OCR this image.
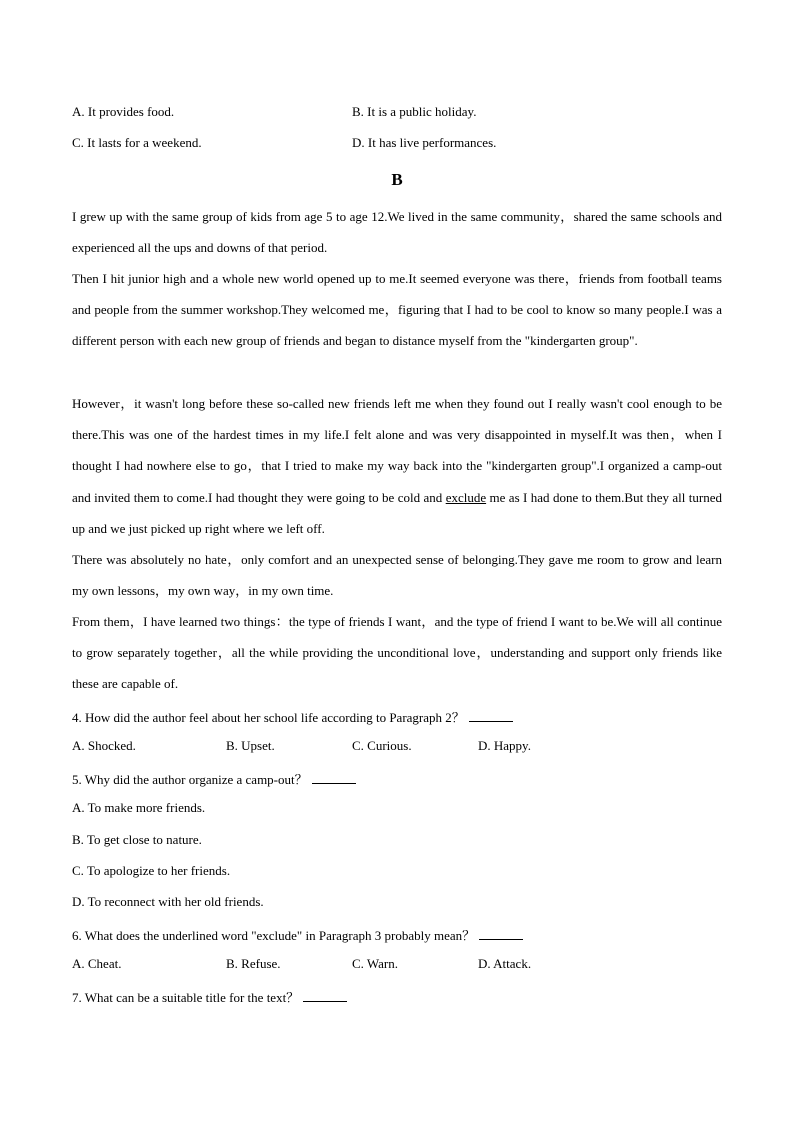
A. It provides food.	B. It is a public holiday.
C. It lasts for a weekend.	D. It has live performances.
B
I grew up with the same group of kids from age 5 to age 12.We lived in the same community，shared the same schools and experienced all the ups and downs of that period.
Then I hit junior high and a whole new world opened up to me.It seemed everyone was there，friends from football teams and people from the summer workshop.They welcomed me，figuring that I had to be cool to know so many people.I was a different person with each new group of friends and began to distance myself from the "kindergarten group".
However，it wasn't long before these so-called new friends left me when they found out I really wasn't cool enough to be there.This was one of the hardest times in my life.I felt alone and was very disappointed in myself.It was then，when I thought I had nowhere else to go，that I tried to make my way back into the "kindergarten group".I organized a camp-out and invited them to come.I had thought they were going to be cold and exclude me as I had done to them.But they all turned up and we just picked up right where we left off.
There was absolutely no hate，only comfort and an unexpected sense of belonging.They gave me room to grow and learn my own lessons，my own way，in my own time.
From them，I have learned two things：the type of friends I want，and the type of friend I want to be.We will all continue to grow separately together，all the while providing the unconditional love，understanding and support only friends like these are capable of.
4. How did the author feel about her school life according to Paragraph 2？
A. Shocked.	B. Upset.	C. Curious.	D. Happy.
5. Why did the author organize a camp-out？
A. To make more friends.
B. To get close to nature.
C. To apologize to her friends.
D. To reconnect with her old friends.
6. What does the underlined word "exclude" in Paragraph 3 probably mean？
A. Cheat.	B. Refuse.	C. Warn.	D. Attack.
7. What can be a suitable title for the text？
